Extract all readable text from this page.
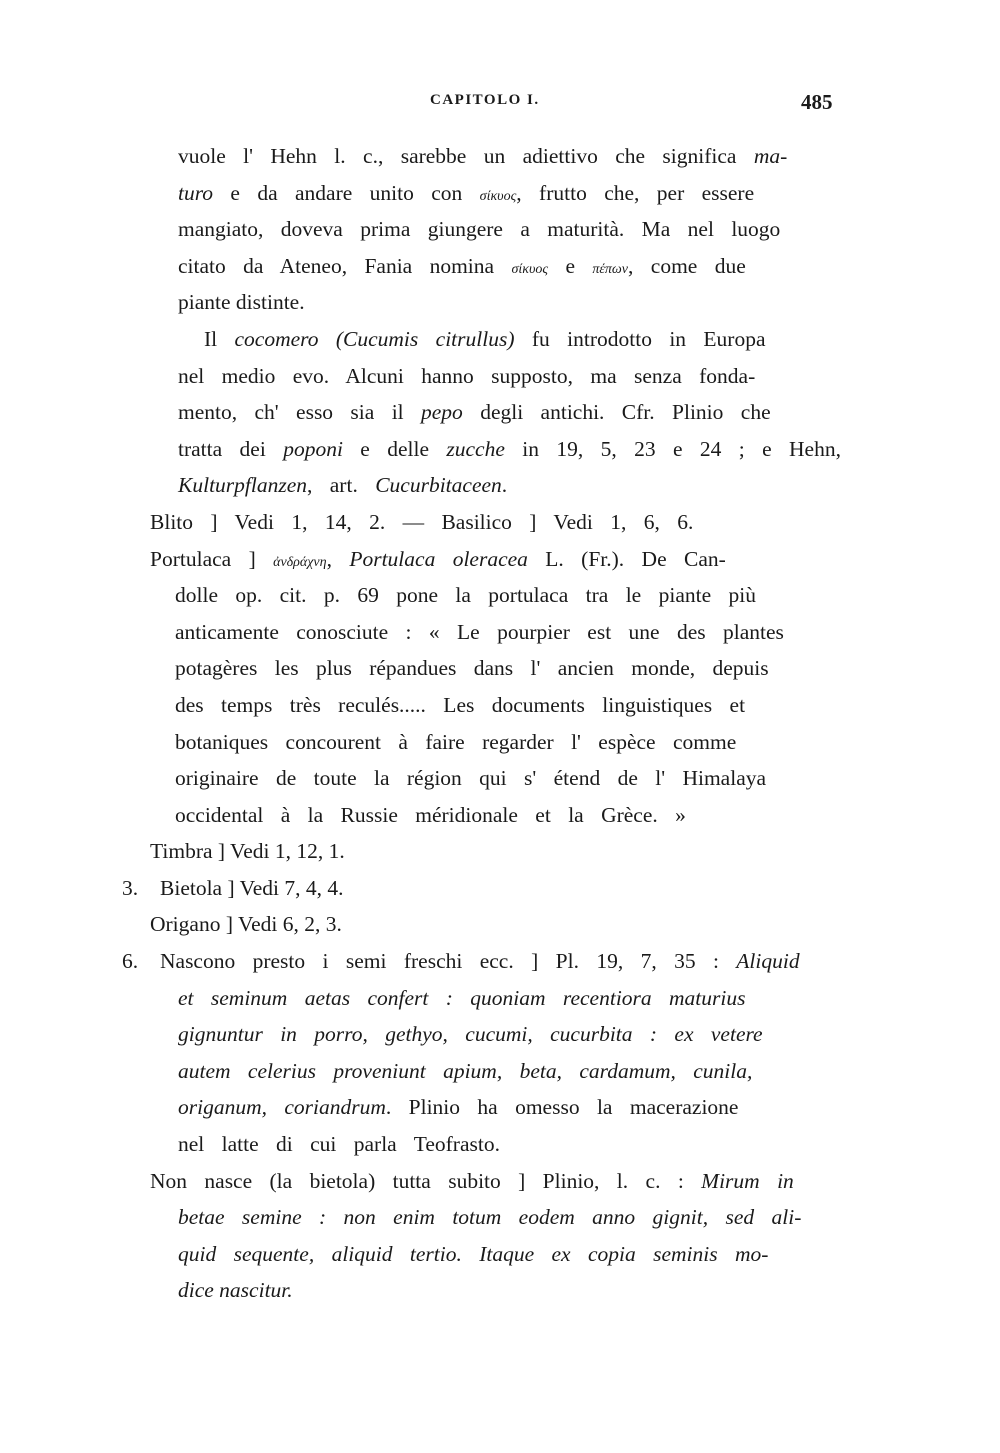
CAPITOLO I.	485
vuole l' Hehn l. c., sarebbe un adiettivo che significa ma-
turo e da andare unito con σίκυος, frutto che, per essere
mangiato, doveva prima giungere a maturità. Ma nel luogo
citato da Ateneo, Fania nomina σίκυος e πέπων, come due
piante distinte.
Il cocomero (Cucumis citrullus) fu introdotto in Europa
nel medio evo. Alcuni hanno supposto, ma senza fonda-
mento, ch' esso sia il pepo degli antichi. Cfr. Plinio che
tratta dei poponi e delle zucche in 19, 5, 23 e 24 ; e Hehn,
Kulturpflanzen, art. Cucurbitaceen.
Blito ] Vedi 1, 14, 2. — Basilico ] Vedi 1, 6, 6.
Portulaca ] ἀνδράχνη, Portulaca oleracea L. (Fr.). De Can-
dolle op. cit. p. 69 pone la portulaca tra le piante più
anticamente conosciute : « Le pourpier est une des plantes
potagères les plus répandues dans l' ancien monde, depuis
des temps très reculés..... Les documents linguistiques et
botaniques concourent à faire regarder l' espèce comme
originaire de toute la région qui s' étend de l' Himalaya
occidental à la Russie méridionale et la Grèce. »
Timbra ] Vedi 1, 12, 1.
3. Bietola ] Vedi 7, 4, 4.
Origano ] Vedi 6, 2, 3.
6. Nascono presto i semi freschi ecc. ] Pl. 19, 7, 35 : Aliquid
et seminum aetas confert : quoniam recentiora maturius
gignuntur in porro, gethyo, cucumi, cucurbita : ex vetere
autem celerius proveniunt apium, beta, cardamum, cunila,
origanum, coriandrum. Plinio ha omesso la macerazione
nel latte di cui parla Teofrasto.
Non nasce (la bietola) tutta subito ] Plinio, l. c. : Mirum in
betae semine : non enim totum eodem anno gignit, sed ali-
quid sequente, aliquid tertio. Itaque ex copia seminis mo-
dice nascitur.
